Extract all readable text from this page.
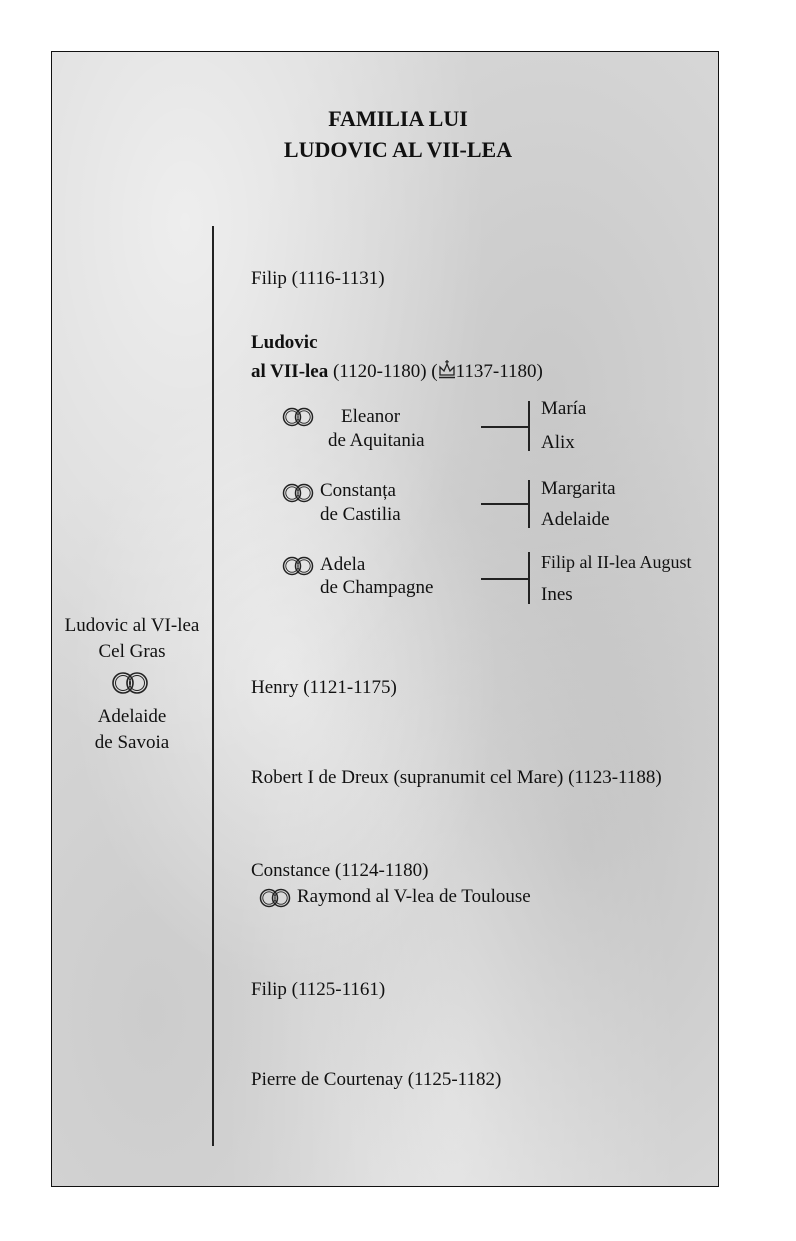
FAMILIA LUI
LUDOVIC AL VII-LEA
Ludovic al VI-lea
Cel Gras
Adelaide
de Savoia
Filip (1116-1131)
Ludovic
al VII-lea (1120-1180) ( 1137-1180)
Eleanor
de Aquitania
María
Alix
Constanța
de Castilia
Margarita
Adelaide
Adela
de Champagne
Filip al II-lea August
Ines
Henry (1121-1175)
Robert I de Dreux (supranumit cel Mare) (1123-1188)
Constance (1124-1180)
Raymond al V-lea de Toulouse
Filip (1125-1161)
Pierre de Courtenay (1125-1182)
